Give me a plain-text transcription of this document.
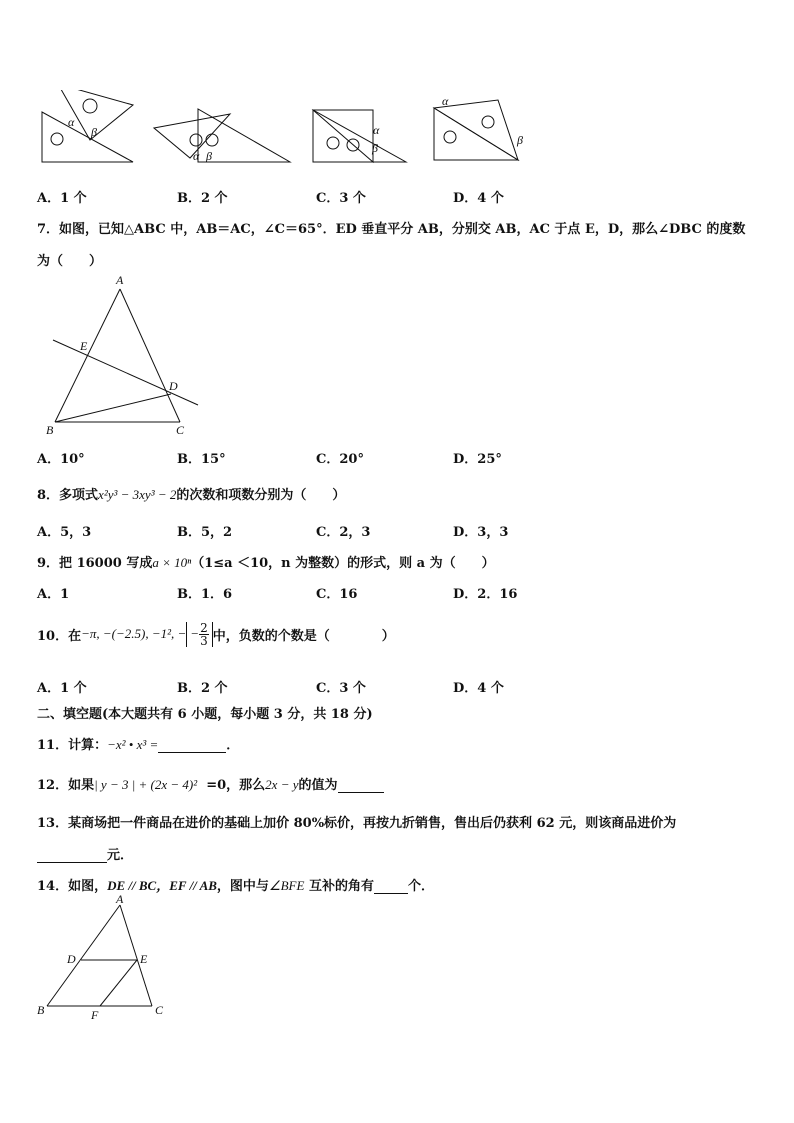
α
β
α β
α
β
α
β
A．1 个	B．2 个	C．3 个	D．4 个
7．如图，已知△ABC 中，AB＝AC，∠C＝65°．ED 垂直平分 AB，分别交 AB，AC 于点 E，D，那么∠DBC 的度数
为（　　）
A
E
D
B	C
A．10°	B．15°	C．20°	D．25°
8．多项式x²y³ − 3xy³ − 2的次数和项数分别为（　　）
A．5，3	B．5，2	C．2，3	D．3，3
9．把 16000 写成a × 10ⁿ（1≤a ＜10，n 为整数）的形式，则 a 为（　　）
A．1	B．1．6	C．16	D．2．16
10．在 −π, −(−2.5), −1², − − $\frac{2}{3}$ 中，负数的个数是（　　　　）
A．1 个	B．2 个	C．3 个	D．4 个
二、填空题(本大题共有 6 小题，每小题 3 分，共 18 分)
11．计算：−x² • x³ =	．
12．如果| y − 3 | + (2x − 4)² =0，那么2x − y的值为
13．某商场把一件商品在进价的基础上加价 80%标价，再按九折销售，售出后仍获利 62 元，则该商品进价为
元．
14．如图，DE // BC，EF // AB，图中与∠BFE 互补的角有	个．
A
D	E
B	F	C
